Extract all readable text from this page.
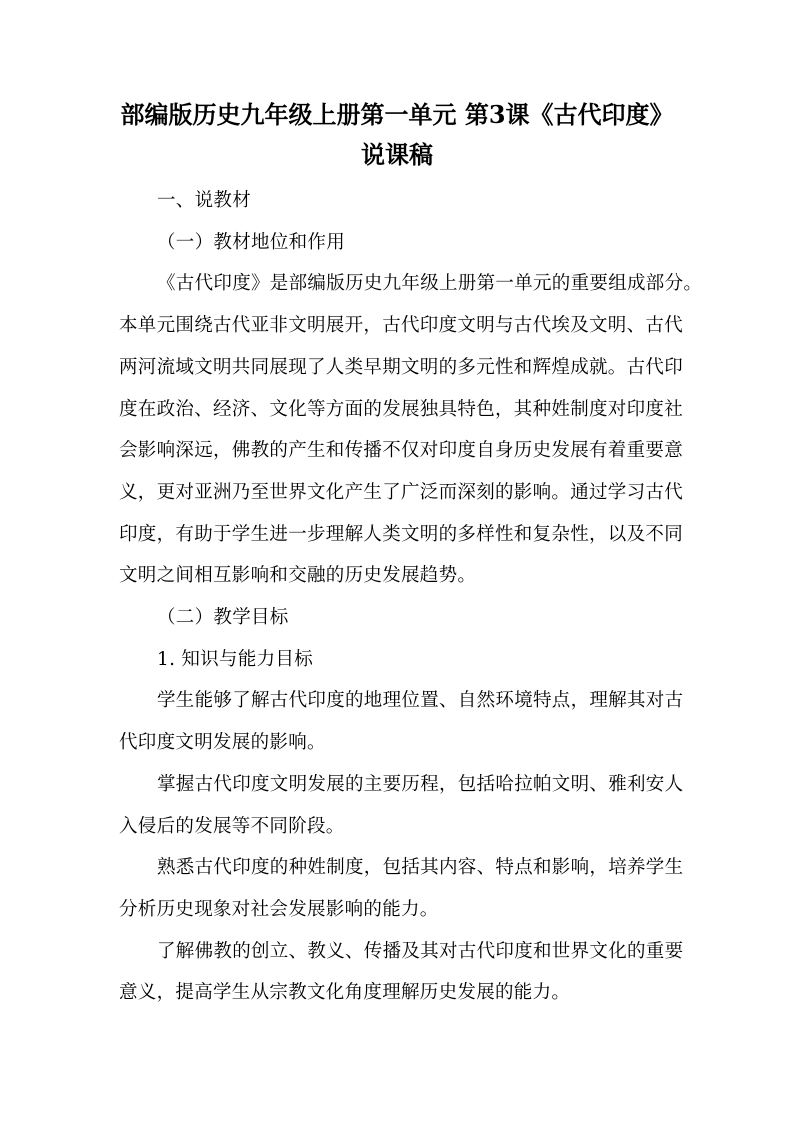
部编版历史九年级上册第一单元 第3课《古代印度》
说课稿

一、说教材

（一）教材地位和作用

《古代印度》是部编版历史九年级上册第一单元的重要组成部分。

本单元围绕古代亚非文明展开，古代印度文明与古代埃及文明、古代

两河流域文明共同展现了人类早期文明的多元性和辉煌成就。古代印

度在政治、经济、文化等方面的发展独具特色，其种姓制度对印度社

会影响深远，佛教的产生和传播不仅对印度自身历史发展有着重要意

义，更对亚洲乃至世界文化产生了广泛而深刻的影响。通过学习古代

印度，有助于学生进一步理解人类文明的多样性和复杂性，以及不同

文明之间相互影响和交融的历史发展趋势。

（二）教学目标

1. 知识与能力目标

学生能够了解古代印度的地理位置、自然环境特点，理解其对古

代印度文明发展的影响。

掌握古代印度文明发展的主要历程，包括哈拉帕文明、雅利安人

入侵后的发展等不同阶段。

熟悉古代印度的种姓制度，包括其内容、特点和影响，培养学生

分析历史现象对社会发展影响的能力。

了解佛教的创立、教义、传播及其对古代印度和世界文化的重要

意义，提高学生从宗教文化角度理解历史发展的能力。
